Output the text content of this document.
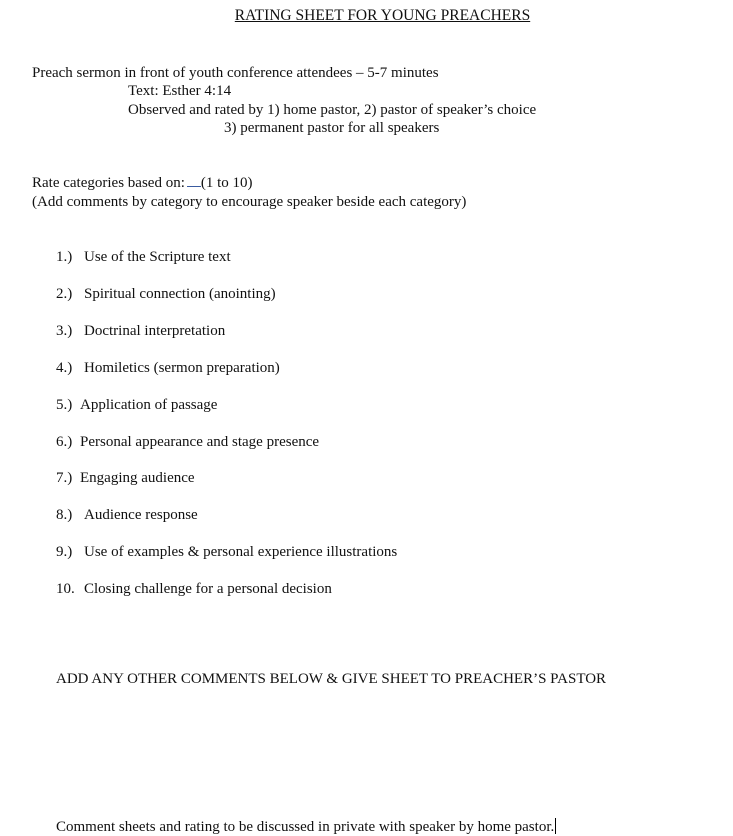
RATING SHEET FOR YOUNG PREACHERS
Preach sermon in front of youth conference attendees – 5-7 minutes
Text: Esther 4:14
Observed and rated by 1) home pastor, 2) pastor of speaker’s choice
3) permanent pastor for all speakers
Rate categories based on: (1 to 10)
(Add comments by category to encourage speaker beside each category)
1.) Use of the Scripture text
2.) Spiritual connection (anointing)
3.) Doctrinal interpretation
4.) Homiletics (sermon preparation)
5.) Application of passage
6.) Personal appearance and stage presence
7.) Engaging audience
8.) Audience response
9.) Use of examples & personal experience illustrations
10. Closing challenge for a personal decision
ADD ANY OTHER COMMENTS BELOW & GIVE SHEET TO PREACHER’S PASTOR
Comment sheets and rating to be discussed in private with speaker by home pastor.
